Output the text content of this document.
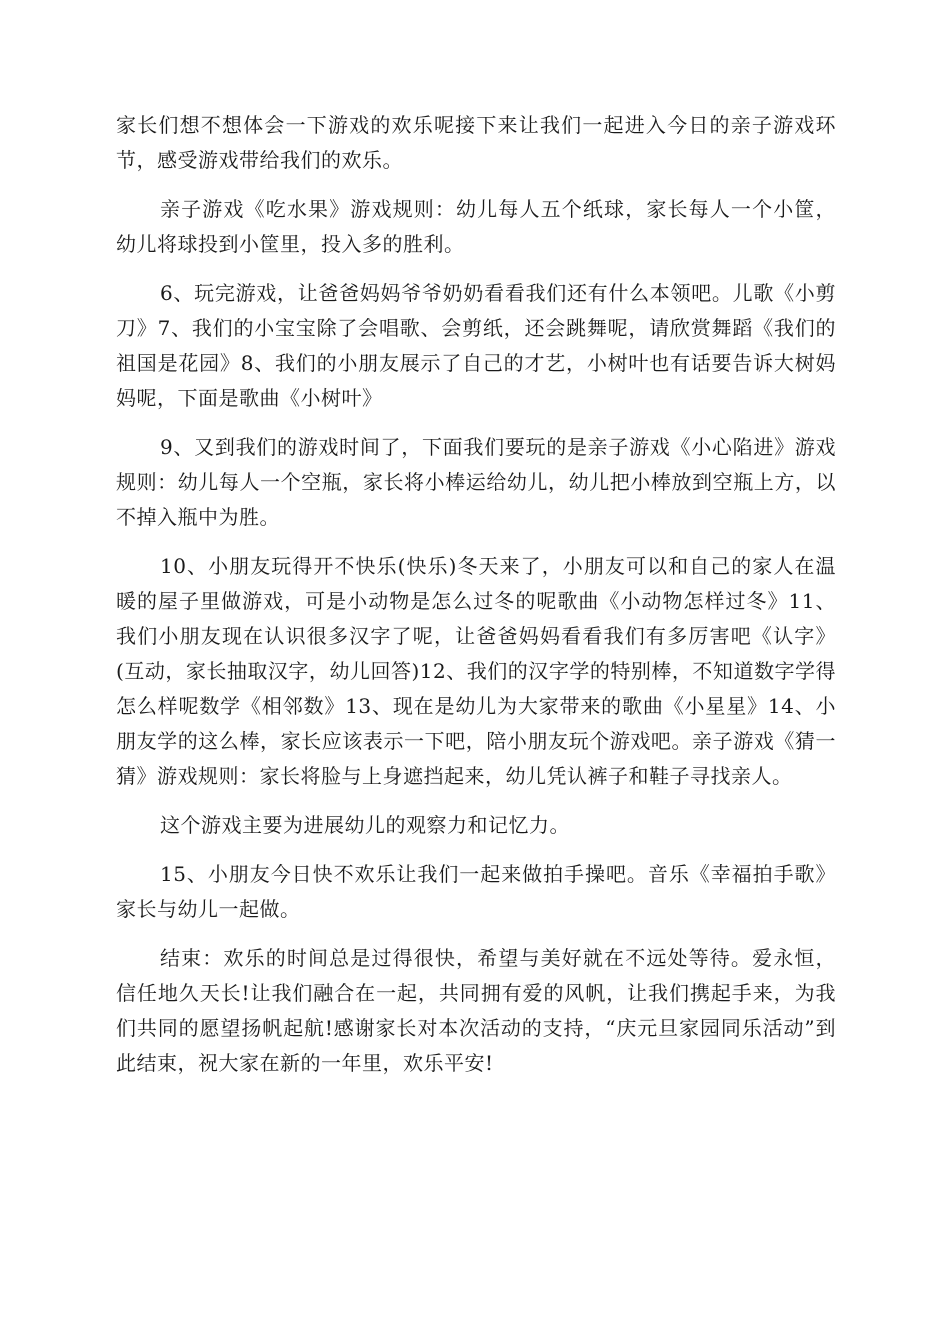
家长们想不想体会一下游戏的欢乐呢接下来让我们一起进入今日的亲子游戏环节，感受游戏带给我们的欢乐。

亲子游戏《吃水果》游戏规则：幼儿每人五个纸球，家长每人一个小筐，幼儿将球投到小筐里，投入多的胜利。

6、玩完游戏，让爸爸妈妈爷爷奶奶看看我们还有什么本领吧。儿歌《小剪刀》7、我们的小宝宝除了会唱歌、会剪纸，还会跳舞呢，请欣赏舞蹈《我们的祖国是花园》8、我们的小朋友展示了自己的才艺，小树叶也有话要告诉大树妈妈呢，下面是歌曲《小树叶》

9、又到我们的游戏时间了，下面我们要玩的是亲子游戏《小心陷进》游戏规则：幼儿每人一个空瓶，家长将小棒运给幼儿，幼儿把小棒放到空瓶上方，以不掉入瓶中为胜。

10、小朋友玩得开不快乐(快乐)冬天来了，小朋友可以和自己的家人在温暖的屋子里做游戏，可是小动物是怎么过冬的呢歌曲《小动物怎样过冬》11、我们小朋友现在认识很多汉字了呢，让爸爸妈妈看看我们有多厉害吧《认字》(互动，家长抽取汉字，幼儿回答)12、我们的汉字学的特别棒，不知道数字学得怎么样呢数学《相邻数》13、现在是幼儿为大家带来的歌曲《小星星》14、小朋友学的这么棒，家长应该表示一下吧，陪小朋友玩个游戏吧。亲子游戏《猜一猜》游戏规则：家长将脸与上身遮挡起来，幼儿凭认裤子和鞋子寻找亲人。

这个游戏主要为进展幼儿的观察力和记忆力。

15、小朋友今日快不欢乐让我们一起来做拍手操吧。音乐《幸福拍手歌》家长与幼儿一起做。

结束：欢乐的时间总是过得很快，希望与美好就在不远处等待。爱永恒，信任地久天长!让我们融合在一起，共同拥有爱的风帆，让我们携起手来，为我们共同的愿望扬帆起航!感谢家长对本次活动的支持，“庆元旦家园同乐活动”到此结束，祝大家在新的一年里，欢乐平安!
